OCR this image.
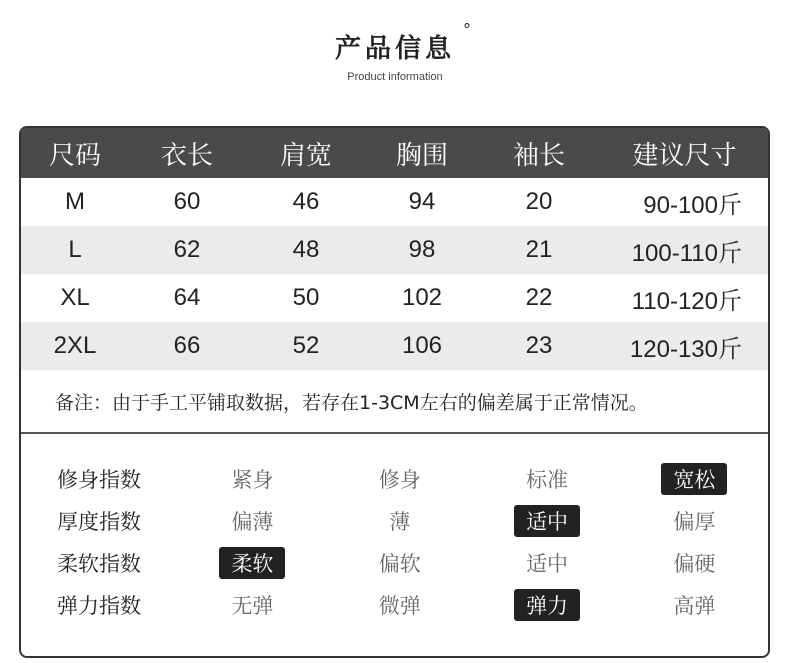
产品信息
°
Product information
尺码	衣长	肩宽	胸围	袖长	建议尺寸
M	60	46	94	20	90-100斤
L	62	48	98	21	100-110斤
XL	64	50	102	22	110-120斤
2XL	66	52	106	23	120-130斤
备注：由于手工平铺取数据，若存在1-3CM左右的偏差属于正常情况。
修身指数	紧身	修身	标准	宽松
厚度指数	偏薄	薄	适中	偏厚
柔软指数	柔软	偏软	适中	偏硬
弹力指数	无弹	微弹	弹力	高弹
